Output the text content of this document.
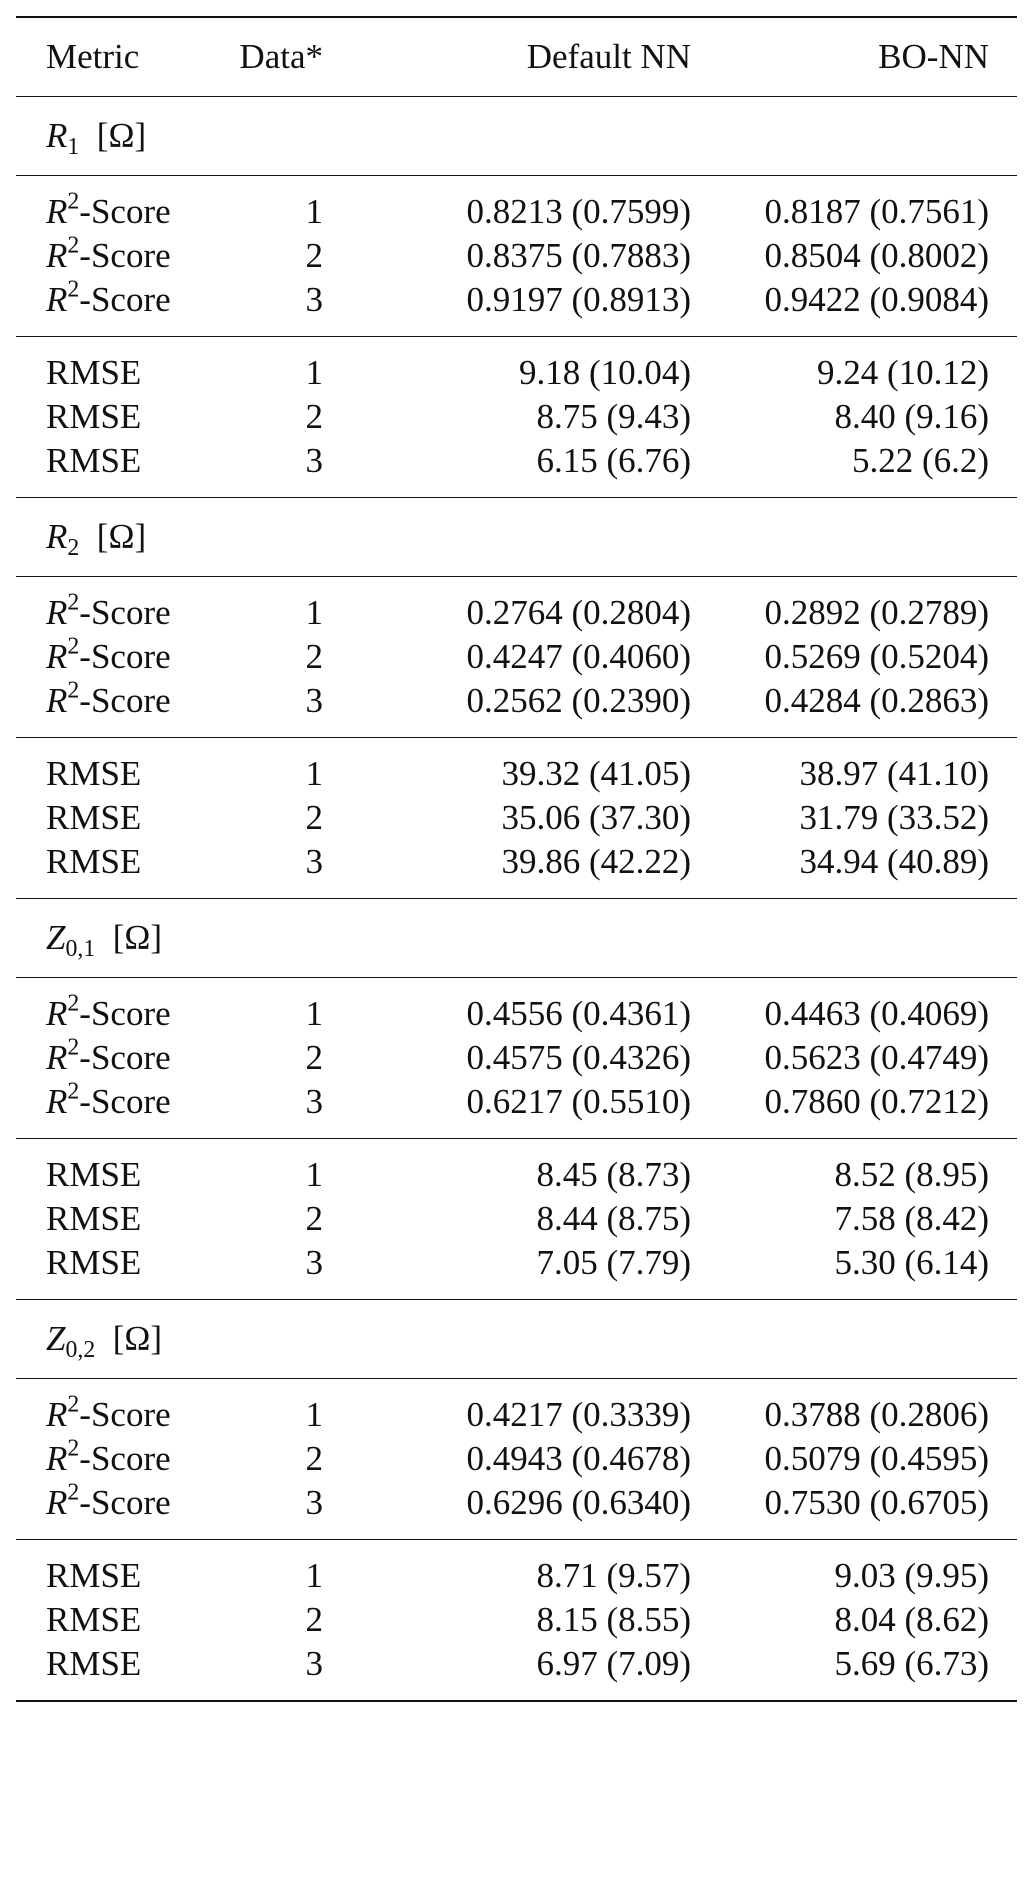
Metric	Data*	Default NN	BO-NN
$R_1$  [Ω]			
$R^2$-Score	1	0.8213 (0.7599)	0.8187 (0.7561)
$R^2$-Score	2	0.8375 (0.7883)	0.8504 (0.8002)
$R^2$-Score	3	0.9197 (0.8913)	0.9422 (0.9084)
RMSE	1	9.18 (10.04)	9.24 (10.12)
RMSE	2	8.75 (9.43)	8.40 (9.16)
RMSE	3	6.15 (6.76)	5.22 (6.2)
$R_2$  [Ω]			
$R^2$-Score	1	0.2764 (0.2804)	0.2892 (0.2789)
$R^2$-Score	2	0.4247 (0.4060)	0.5269 (0.5204)
$R^2$-Score	3	0.2562 (0.2390)	0.4284 (0.2863)
RMSE	1	39.32 (41.05)	38.97 (41.10)
RMSE	2	35.06 (37.30)	31.79 (33.52)
RMSE	3	39.86 (42.22)	34.94 (40.89)
$Z_{0,1}$  [Ω]			
$R^2$-Score	1	0.4556 (0.4361)	0.4463 (0.4069)
$R^2$-Score	2	0.4575 (0.4326)	0.5623 (0.4749)
$R^2$-Score	3	0.6217 (0.5510)	0.7860 (0.7212)
RMSE	1	8.45 (8.73)	8.52 (8.95)
RMSE	2	8.44 (8.75)	7.58 (8.42)
RMSE	3	7.05 (7.79)	5.30 (6.14)
$Z_{0,2}$  [Ω]			
$R^2$-Score	1	0.4217 (0.3339)	0.3788 (0.2806)
$R^2$-Score	2	0.4943 (0.4678)	0.5079 (0.4595)
$R^2$-Score	3	0.6296 (0.6340)	0.7530 (0.6705)
RMSE	1	8.71 (9.57)	9.03 (9.95)
RMSE	2	8.15 (8.55)	8.04 (8.62)
RMSE	3	6.97 (7.09)	5.69 (6.73)
